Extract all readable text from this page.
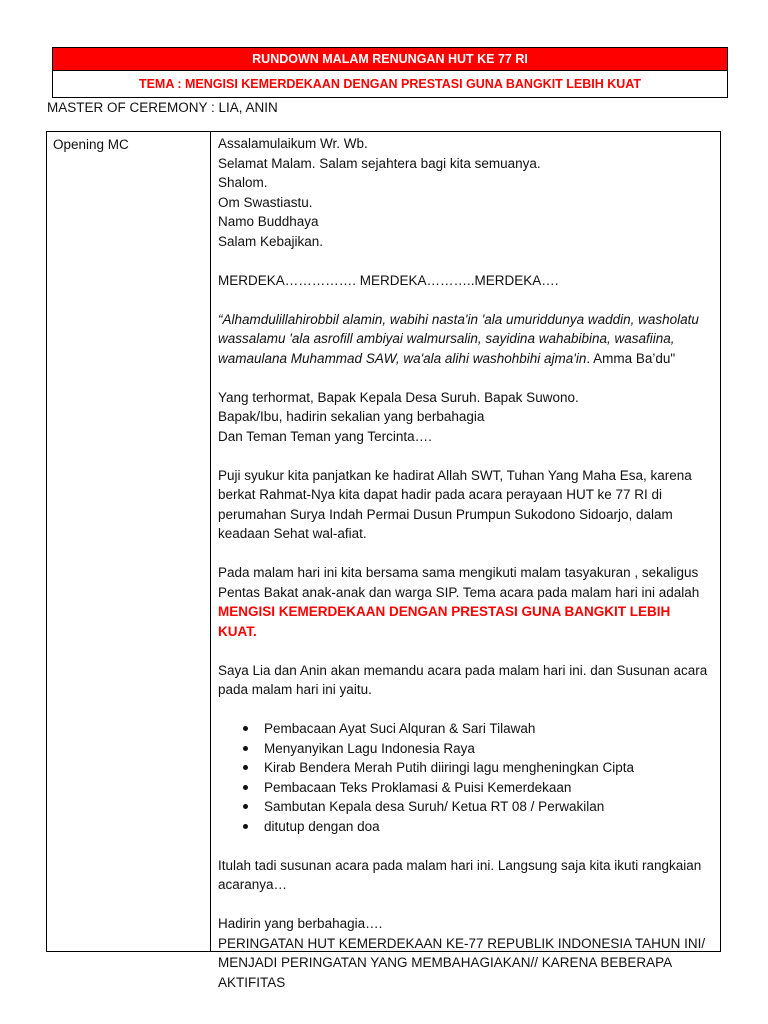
RUNDOWN MALAM RENUNGAN HUT KE 77 RI
TEMA : MENGISI KEMERDEKAAN DENGAN PRESTASI GUNA BANGKIT LEBIH KUAT
MASTER OF CEREMONY : LIA, ANIN
Opening MC	Assalamulaikum Wr. Wb.

Selamat Malam. Salam sejahtera bagi kita semuanya.

Shalom.

Om Swastiastu.

Namo Buddhaya

Salam Kebajikan.

MERDEKA……………. MERDEKA………..MERDEKA….

“Alhamdulillahirobbil alamin, wabihi nasta'in 'ala umuriddunya waddin, washolatu wassalamu 'ala asrofill ambiyai walmursalin, sayidina wahabibina, wasafiina, wamaulana Muhammad SAW, wa'ala alihi washohbihi ajma'in. Amma Ba’du"

Yang terhormat, Bapak Kepala Desa Suruh. Bapak Suwono.

Bapak/Ibu, hadirin sekalian yang berbahagia

Dan Teman Teman yang Tercinta….

Puji syukur kita panjatkan ke hadirat Allah SWT, Tuhan Yang Maha Esa, karena berkat Rahmat-Nya kita dapat hadir pada acara perayaan HUT ke 77 RI di perumahan Surya Indah Permai Dusun Prumpun Sukodono Sidoarjo, dalam keadaan Sehat wal-afiat.

Pada malam hari ini kita bersama sama mengikuti malam tasyakuran , sekaligus Pentas Bakat anak-anak dan warga SIP. Tema acara pada malam hari ini adalah MENGISI KEMERDEKAAN DENGAN PRESTASI GUNA BANGKIT LEBIH KUAT.

Saya Lia dan Anin akan memandu acara pada malam hari ini. dan Susunan acara pada malam hari ini yaitu.

Pembacaan Ayat Suci Alquran & Sari Tilawah
Menyanyikan Lagu Indonesia Raya
Kirab Bendera Merah Putih diiringi lagu mengheningkan Cipta
Pembacaan Teks Proklamasi & Puisi Kemerdekaan
Sambutan Kepala desa Suruh/ Ketua RT 08 / Perwakilan
ditutup dengan doa

Itulah tadi susunan acara pada malam hari ini. Langsung saja kita ikuti rangkaian acaranya…

Hadirin yang berbahagia….

PERINGATAN HUT KEMERDEKAAN KE-77 REPUBLIK INDONESIA TAHUN INI/

MENJADI PERINGATAN YANG MEMBAHAGIAKAN// KARENA BEBERAPA AKTIFITAS
